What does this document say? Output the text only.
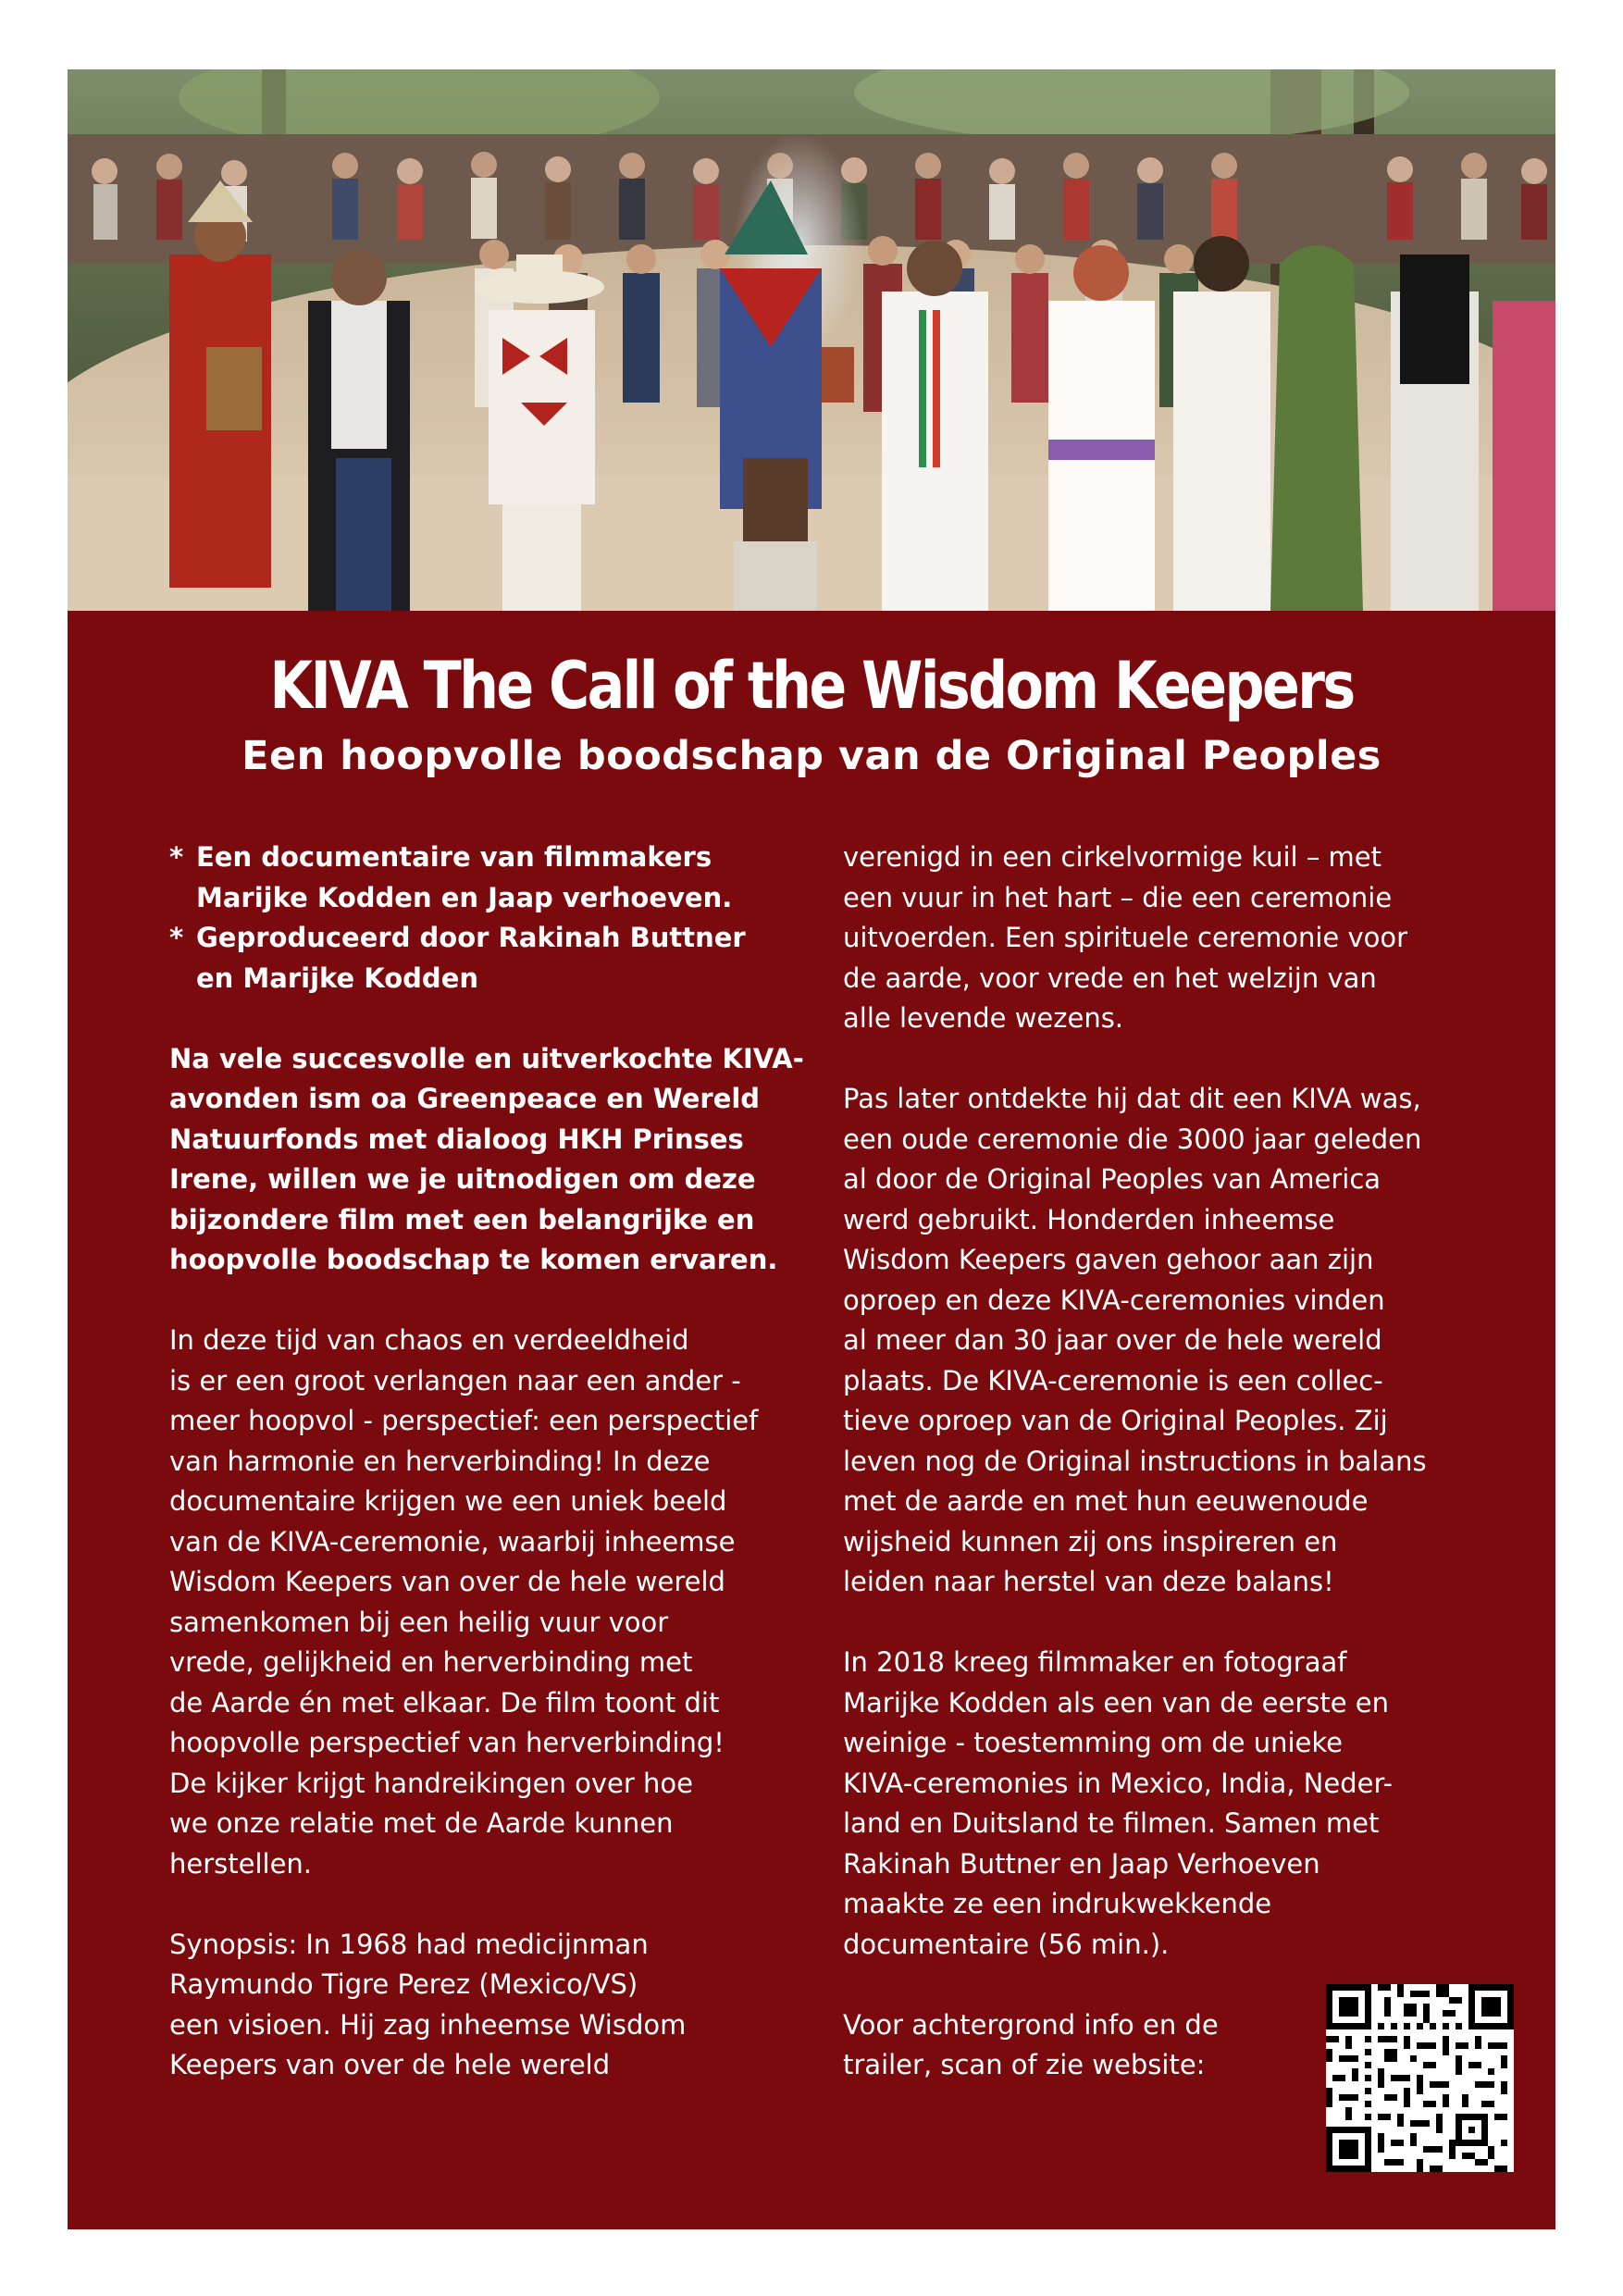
KIVA The Call of the Wisdom Keepers
Een hoopvolle boodschap van de Original Peoples
* Een documentaire van filmmakers
Marijke Kodden en Jaap verhoeven.
* Geproduceerd door Rakinah Buttner
en Marijke Kodden

Na vele succesvolle en uitverkochte KIVA-
avonden ism oa Greenpeace en Wereld
Natuurfonds met dialoog HKH Prinses
Irene, willen we je uitnodigen om deze
bijzondere film met een belangrijke en
hoopvolle boodschap te komen ervaren.

In deze tijd van chaos en verdeeldheid
is er een groot verlangen naar een ander -
meer hoopvol - perspectief: een perspectief
van harmonie en herverbinding! In deze
documentaire krijgen we een uniek beeld
van de KIVA-ceremonie, waarbij inheemse
Wisdom Keepers van over de hele wereld
samenkomen bij een heilig vuur voor
vrede, gelijkheid en herverbinding met
de Aarde én met elkaar. De film toont dit
hoopvolle perspectief van herverbinding!
De kijker krijgt handreikingen over hoe
we onze relatie met de Aarde kunnen
herstellen.

Synopsis: In 1968 had medicijnman
Raymundo Tigre Perez (Mexico/VS)
een visioen. Hij zag inheemse Wisdom
Keepers van over de hele wereld

verenigd in een cirkelvormige kuil – met
een vuur in het hart – die een ceremonie
uitvoerden. Een spirituele ceremonie voor
de aarde, voor vrede en het welzijn van
alle levende wezens.

Pas later ontdekte hij dat dit een KIVA was,
een oude ceremonie die 3000 jaar geleden
al door de Original Peoples van America
werd gebruikt. Honderden inheemse
Wisdom Keepers gaven gehoor aan zijn
oproep en deze KIVA-ceremonies vinden
al meer dan 30 jaar over de hele wereld
plaats. De KIVA-ceremonie is een collec-
tieve oproep van de Original Peoples. Zij
leven nog de Original instructions in balans
met de aarde en met hun eeuwenoude
wijsheid kunnen zij ons inspireren en
leiden naar herstel van deze balans!

In 2018 kreeg filmmaker en fotograaf
Marijke Kodden als een van de eerste en
weinige - toestemming om de unieke
KIVA-ceremonies in Mexico, India, Neder-
land en Duitsland te filmen. Samen met
Rakinah Buttner en Jaap Verhoeven
maakte ze een indrukwekkende
documentaire (56 min.).

Voor achtergrond info en de
trailer, scan of zie website:
